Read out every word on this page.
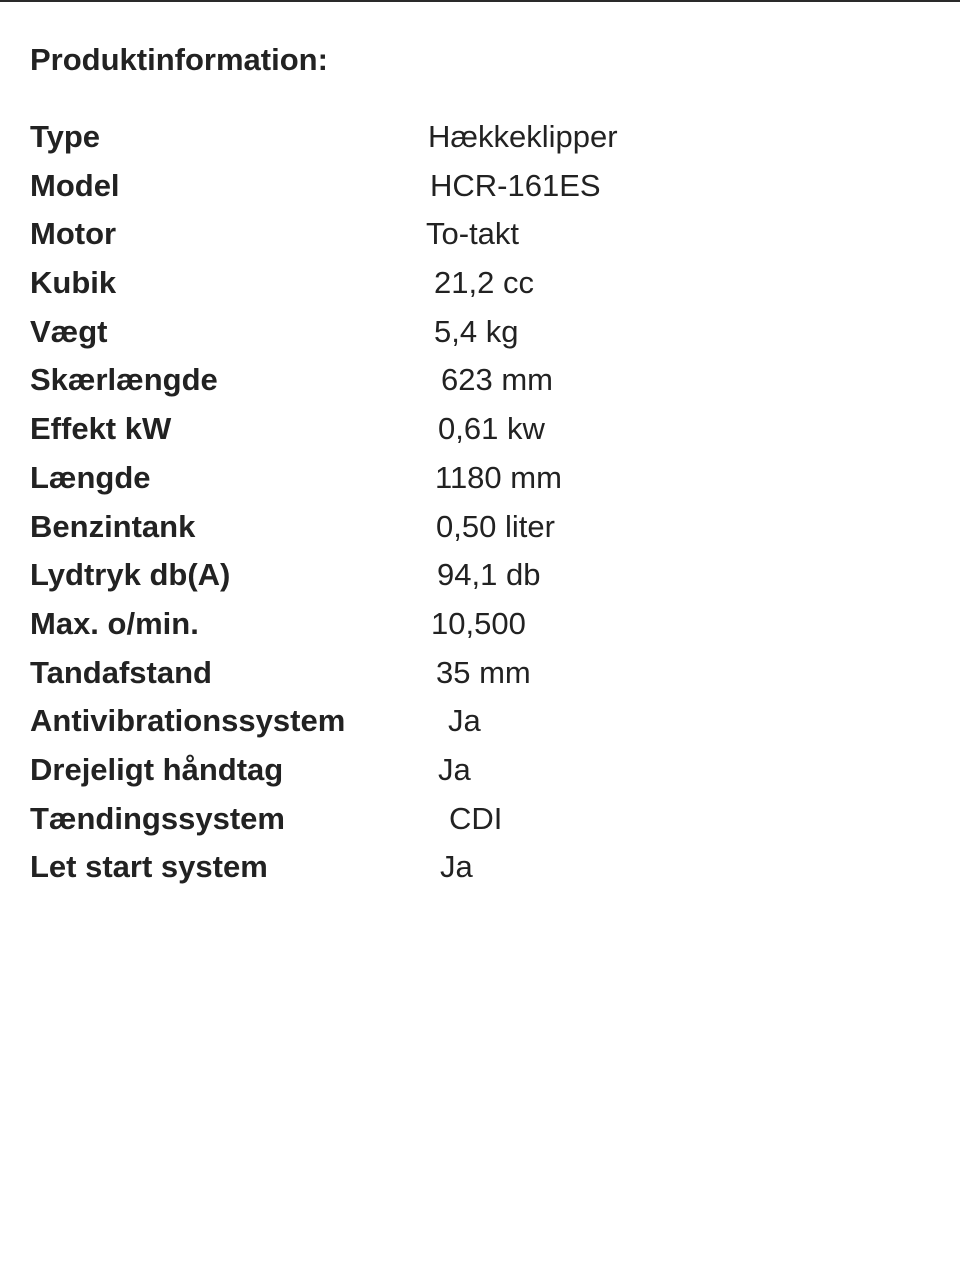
Produktinformation:
Type	Hækkeklipper
Model	HCR-161ES
Motor	To-takt
Kubik	21,2 cc
Vægt	5,4 kg
Skærlængde	623 mm
Effekt kW	0,61 kw
Længde	1180 mm
Benzintank	0,50 liter
Lydtryk db(A)	94,1 db
Max. o/min.	10,500
Tandafstand	35 mm
Antivibrationssystem	Ja
Drejeligt håndtag	Ja
Tændingssystem	CDI
Let start system	Ja
